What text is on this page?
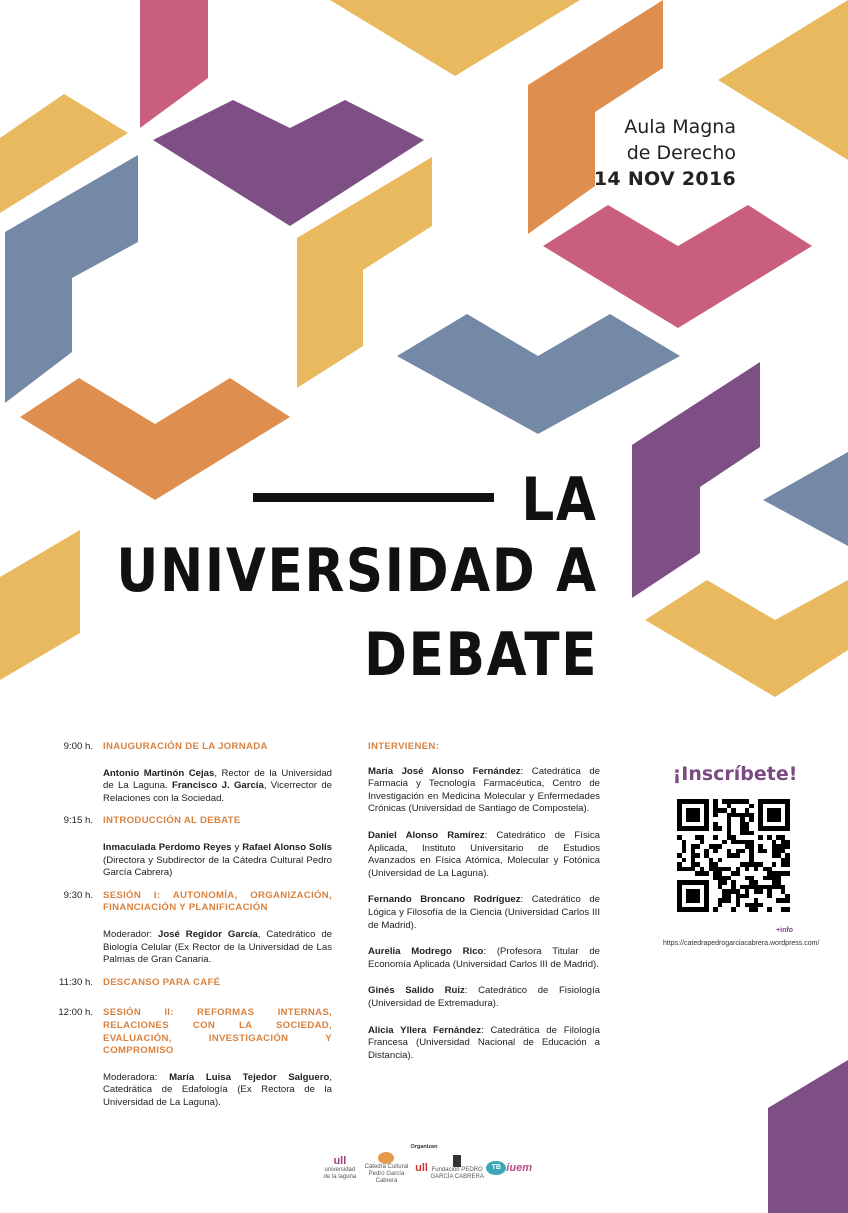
Aula Magna
de Derecho
14 NOV 2016
LA
UNIVERSIDAD A
DEBATE
9:00 h. INAUGURACIÓN DE LA JORNADA
Antonio Martinón Cejas, Rector de la Universidad de La Laguna. Francisco J. García, Vicerrector de Relaciones con la Sociedad.
9:15 h. INTRODUCCIÓN AL DEBATE
Inmaculada Perdomo Reyes y Rafael Alonso Solís (Directora y Subdirector de la Cátedra Cultural Pedro García Cabrera)
9:30 h. SESIÓN I: AUTONOMÍA, ORGANIZACIÓN, FINANCIACIÓN Y PLANIFICACIÓN
Moderador: José Regidor García, Catedrático de Biología Celular (Ex Rector de la Universidad de Las Palmas de Gran Canaria.
11:30 h. DESCANSO PARA CAFÉ
12:00 h. SESIÓN II: REFORMAS INTERNAS, RELACIONES CON LA SOCIEDAD, EVALUACIÓN, INVESTIGACIÓN Y COMPROMISO
Moderadora: María Luisa Tejedor Salguero, Catedrática de Edafología (Ex Rectora de la Universidad de La Laguna).
INTERVIENEN:
María José Alonso Fernández: Catedrática de Farmacia y Tecnología Farmacéutica, Centro de Investigación en Medicina Molecular y Enfermedades Crónicas (Universidad de Santiago de Compostela).
Daniel Alonso Ramírez: Catedrático de Física Aplicada, Instituto Universitario de Estudios Avanzados en Física Atómica, Molecular y Fotónica (Universidad de La Laguna).
Fernando Broncano Rodríguez: Catedrático de Lógica y Filosofía de la Ciencia (Universidad Carlos III de Madrid).
Aurelia Modrego Rico: (Profesora Titular de Economía Aplicada (Universidad Carlos III de Madrid).
Ginés Salido Ruiz: Catedrático de Fisiología (Universidad de Extremadura).
Alicia Yllera Fernández: Catedrática de Filología Francesa (Universidad Nacional de Educación a Distancia).
¡Inscríbete!
+info
https://catedrapedrogarciacabrera.wordpress.com/
Organizan
ull
universidad de la laguna
Cátedra Cultural Pedro García Cabrera
ull Fundación PEDRO GARCÍA CABRERA
TB iuem
